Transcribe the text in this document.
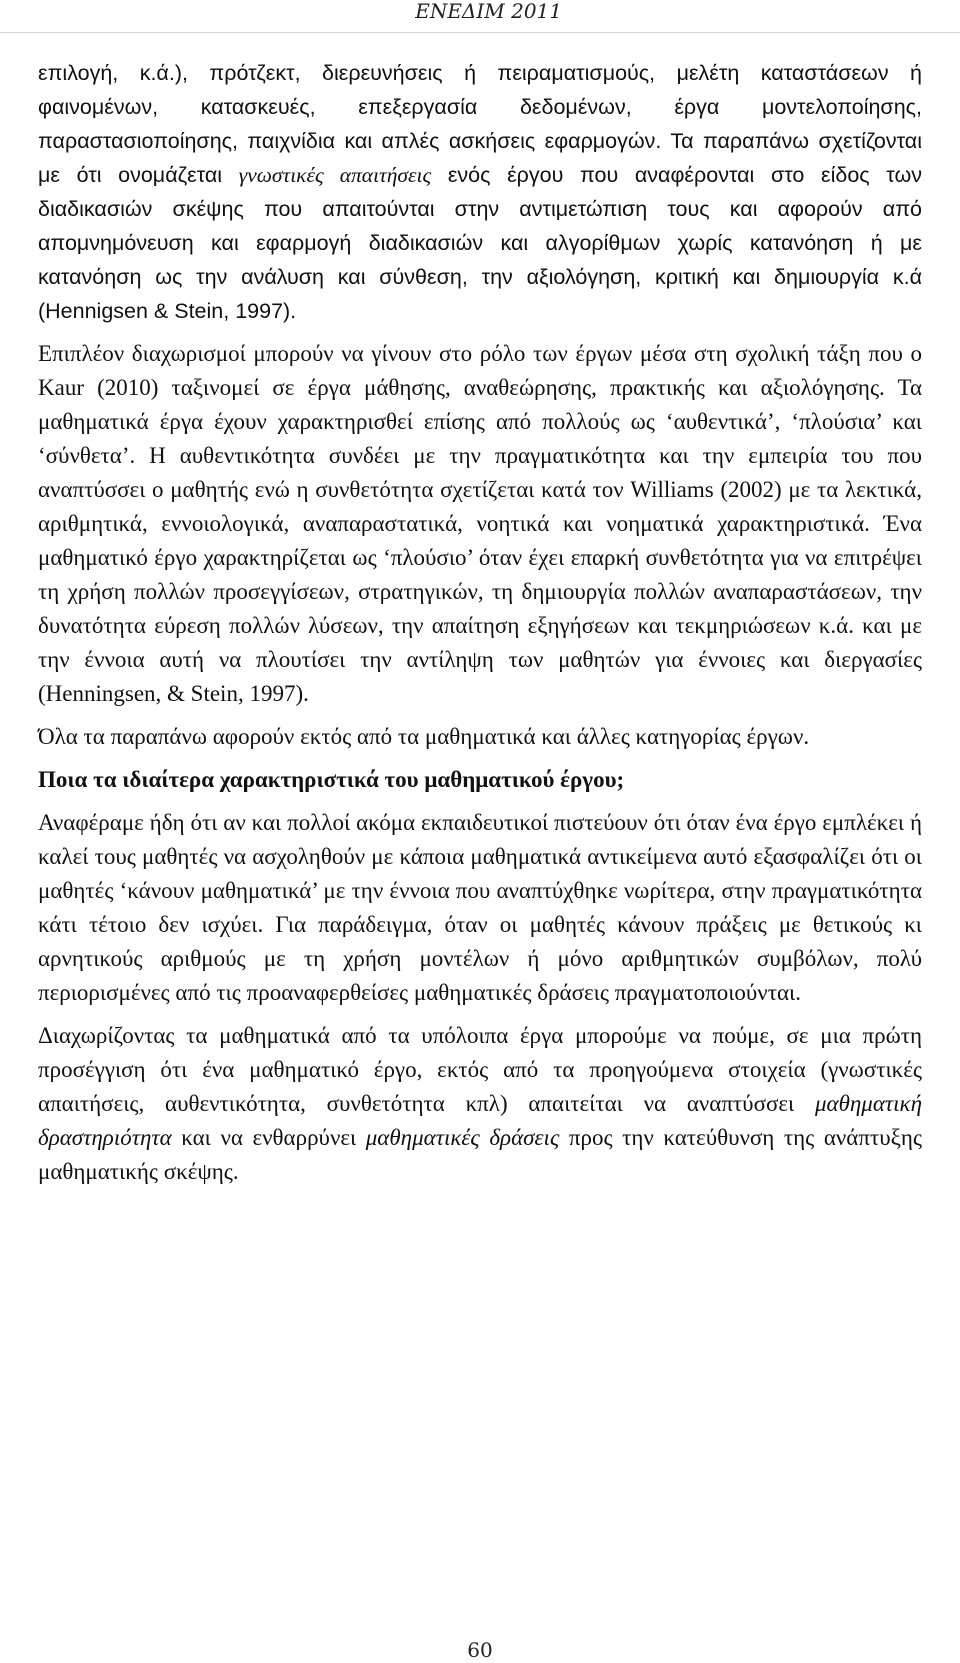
ΕΝΕΔΙΜ 2011

επιλογή, κ.ά.), πρότζεκτ, διερευνήσεις ή πειραματισμούς, μελέτη καταστάσεων ή φαινομένων, κατασκευές, επεξεργασία δεδομένων, έργα μοντελοποίησης, παραστασιοποίησης, παιχνίδια και απλές ασκήσεις εφαρμογών. Τα παραπάνω σχετίζονται με ότι ονομάζεται γνωστικές απαιτήσεις ενός έργου που αναφέρονται στο είδος των διαδικασιών σκέψης που απαιτούνται στην αντιμετώπιση τους και αφορούν από απομνημόνευση και εφαρμογή διαδικασιών και αλγορίθμων χωρίς κατανόηση ή με κατανόηση ως την ανάλυση και σύνθεση, την αξιολόγηση, κριτική και δημιουργία κ.ά (Hennigsen & Stein, 1997).

Επιπλέον διαχωρισμοί μπορούν να γίνουν στο ρόλο των έργων μέσα στη σχολική τάξη που ο Kaur (2010) ταξινομεί σε έργα μάθησης, αναθεώρησης, πρακτικής και αξιολόγησης. Τα μαθηματικά έργα έχουν χαρακτηρισθεί επίσης από πολλούς ως ‘αυθεντικά’, ‘πλούσια’ και ‘σύνθετα’. Η αυθεντικότητα συνδέει με την πραγματικότητα και την εμπειρία του που αναπτύσσει ο μαθητής ενώ η συνθετότητα σχετίζεται κατά τον Williams (2002) με τα λεκτικά, αριθμητικά, εννοιολογικά, αναπαραστατικά, νοητικά και νοηματικά χαρακτηριστικά. Ένα μαθηματικό έργο χαρακτηρίζεται ως ‘πλούσιο’ όταν έχει επαρκή συνθετότητα για να επιτρέψει τη χρήση πολλών προσεγγίσεων, στρατηγικών, τη δημιουργία πολλών αναπαραστάσεων, την δυνατότητα εύρεση πολλών λύσεων, την απαίτηση εξηγήσεων και τεκμηριώσεων κ.ά. και με την έννοια αυτή να πλουτίσει την αντίληψη των μαθητών για έννοιες και διεργασίες (Henningsen, & Stein, 1997).

Όλα τα παραπάνω αφορούν εκτός από τα μαθηματικά και άλλες κατηγορίας έργων.

Ποια τα ιδιαίτερα χαρακτηριστικά του μαθηματικού έργου;

Αναφέραμε ήδη ότι αν και πολλοί ακόμα εκπαιδευτικοί πιστεύουν ότι όταν ένα έργο εμπλέκει ή καλεί τους μαθητές να ασχοληθούν με κάποια μαθηματικά αντικείμενα αυτό εξασφαλίζει ότι οι μαθητές ‘κάνουν μαθηματικά’ με την έννοια που αναπτύχθηκε νωρίτερα, στην πραγματικότητα κάτι τέτοιο δεν ισχύει. Για παράδειγμα, όταν οι μαθητές κάνουν πράξεις με θετικούς κι αρνητικούς αριθμούς με τη χρήση μοντέλων ή μόνο αριθμητικών συμβόλων, πολύ περιορισμένες από τις προαναφερθείσες μαθηματικές δράσεις πραγματοποιούνται.

Διαχωρίζοντας τα μαθηματικά από τα υπόλοιπα έργα μπορούμε να πούμε, σε μια πρώτη προσέγγιση ότι ένα μαθηματικό έργο, εκτός από τα προηγούμενα στοιχεία (γνωστικές απαιτήσεις, αυθεντικότητα, συνθετότητα κπλ) απαιτείται να αναπτύσσει μαθηματική δραστηριότητα και να ενθαρρύνει μαθηματικές δράσεις προς την κατεύθυνση της ανάπτυξης μαθηματικής σκέψης.

60
